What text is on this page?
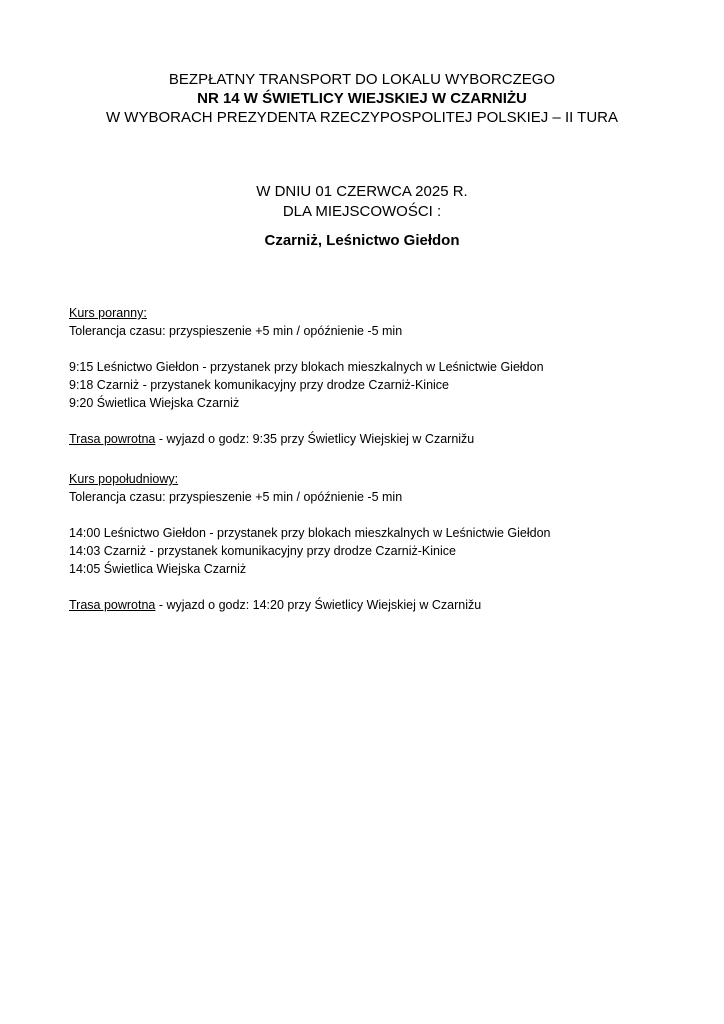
BEZPŁATNY TRANSPORT DO LOKALU WYBORCZEGO
NR 14 W ŚWIETLICY WIEJSKIEJ W CZARNIŻU
W WYBORACH PREZYDENTA RZECZYPOSPOLITEJ POLSKIEJ – II TURA
W DNIU 01 CZERWCA 2025 R.
DLA MIEJSCOWOŚCI :
Czarniż, Leśnictwo Giełdon
Kurs poranny:
Tolerancja czasu: przyspieszenie +5 min / opóźnienie -5 min
9:15 Leśnictwo Giełdon - przystanek przy blokach mieszkalnych w Leśnictwie Giełdon
9:18 Czarniż - przystanek komunikacyjny przy drodze Czarniż-Kinice
9:20 Świetlica Wiejska Czarniż
Trasa powrotna - wyjazd o godz: 9:35 przy Świetlicy Wiejskiej w Czarnižu
Kurs popołudniowy:
Tolerancja czasu: przyspieszenie +5 min / opóźnienie -5 min
14:00 Leśnictwo Giełdon - przystanek przy blokach mieszkalnych w Leśnictwie Giełdon
14:03 Czarniż - przystanek komunikacyjny przy drodze Czarniż-Kinice
14:05 Świetlica Wiejska Czarniż
Trasa powrotna - wyjazd o godz: 14:20 przy Świetlicy Wiejskiej w Czarnižu
